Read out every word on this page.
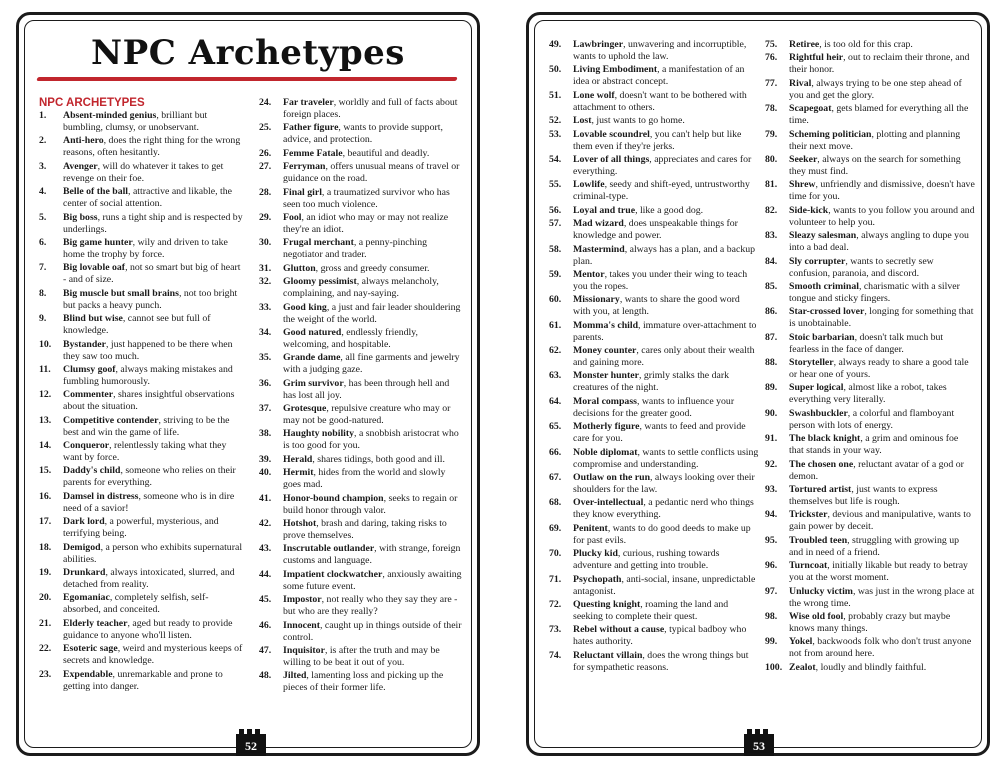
NPC Archetypes
NPC ARCHETYPES
1.	Absent-minded genius, brilliant but bumbling, clumsy, or unobservant.
2.	Anti-hero, does the right thing for the wrong reasons, often hesitantly.
3.	Avenger, will do whatever it takes to get revenge on their foe.
4.	Belle of the ball, attractive and likable, the center of social attention.
5.	Big boss, runs a tight ship and is respected by underlings.
6.	Big game hunter, wily and driven to take home the trophy by force.
7.	Big lovable oaf, not so smart but big of heart - and of size.
8.	Big muscle but small brains, not too bright but packs a heavy punch.
9.	Blind but wise, cannot see but full of knowledge.
10.	Bystander, just happened to be there when they saw too much.
11.	Clumsy goof, always making mistakes and fumbling humorously.
12.	Commenter, shares insightful observations about the situation.
13.	Competitive contender, striving to be the best and win the game of life.
14.	Conqueror, relentlessly taking what they want by force.
15.	Daddy's child, someone who relies on their parents for everything.
16.	Damsel in distress, someone who is in dire need of a savior!
17.	Dark lord, a powerful, mysterious, and terrifying being.
18.	Demigod, a person who exhibits supernatural abilities.
19.	Drunkard, always intoxicated, slurred, and detached from reality.
20.	Egomaniac, completely selfish, self-absorbed, and conceited.
21.	Elderly teacher, aged but ready to provide guidance to anyone who'll listen.
22.	Esoteric sage, weird and mysterious keeps of secrets and knowledge.
23.	Expendable, unremarkable and prone to getting into danger.
24.	Far traveler, worldly and full of facts about foreign places.
25.	Father figure, wants to provide support, advice, and protection.
26.	Femme Fatale, beautiful and deadly.
27.	Ferryman, offers unusual means of travel or guidance on the road.
28.	Final girl, a traumatized survivor who has seen too much violence.
29.	Fool, an idiot who may or may not realize they're an idiot.
30.	Frugal merchant, a penny-pinching negotiator and trader.
31.	Glutton, gross and greedy consumer.
32.	Gloomy pessimist, always melancholy, complaining, and nay-saying.
33.	Good king, a just and fair leader shouldering the weight of the world.
34.	Good natured, endlessly friendly, welcoming, and hospitable.
35.	Grande dame, all fine garments and jewelry with a judging gaze.
36.	Grim survivor, has been through hell and has lost all joy.
37.	Grotesque, repulsive creature who may or may not be good-natured.
38.	Haughty nobility, a snobbish aristocrat who is too good for you.
39.	Herald, shares tidings, both good and ill.
40.	Hermit, hides from the world and slowly goes mad.
41.	Honor-bound champion, seeks to regain or build honor through valor.
42.	Hotshot, brash and daring, taking risks to prove themselves.
43.	Inscrutable outlander, with strange, foreign customs and language.
44.	Impatient clockwatcher, anxiously awaiting some future event.
45.	Impostor, not really who they say they are - but who are they really?
46.	Innocent, caught up in things outside of their control.
47.	Inquisitor, is after the truth and may be willing to be beat it out of you.
48.	Jilted, lamenting loss and picking up the pieces of their former life.
52
49.	Lawbringer, unwavering and incorruptible, wants to uphold the law.
50.	Living Embodiment, a manifestation of an idea or abstract concept.
51.	Lone wolf, doesn't want to be bothered with attachment to others.
52.	Lost, just wants to go home.
53.	Lovable scoundrel, you can't help but like them even if they're jerks.
54.	Lover of all things, appreciates and cares for everything.
55.	Lowlife, seedy and shift-eyed, untrustworthy criminal-type.
56.	Loyal and true, like a good dog.
57.	Mad wizard, does unspeakable things for knowledge and power.
58.	Mastermind, always has a plan, and a backup plan.
59.	Mentor, takes you under their wing to teach you the ropes.
60.	Missionary, wants to share the good word with you, at length.
61.	Momma's child, immature over-attachment to parents.
62.	Money counter, cares only about their wealth and gaining more.
63.	Monster hunter, grimly stalks the dark creatures of the night.
64.	Moral compass, wants to influence your decisions for the greater good.
65.	Motherly figure, wants to feed and provide care for you.
66.	Noble diplomat, wants to settle conflicts using compromise and understanding.
67.	Outlaw on the run, always looking over their shoulders for the law.
68.	Over-intellectual, a pedantic nerd who things they know everything.
69.	Penitent, wants to do good deeds to make up for past evils.
70.	Plucky kid, curious, rushing towards adventure and getting into trouble.
71.	Psychopath, anti-social, insane, unpredictable antagonist.
72.	Questing knight, roaming the land and seeking to complete their quest.
73.	Rebel without a cause, typical badboy who hates authority.
74.	Reluctant villain, does the wrong things but for sympathetic reasons.
75.	Retiree, is too old for this crap.
76.	Rightful heir, out to reclaim their throne, and their honor.
77.	Rival, always trying to be one step ahead of you and get the glory.
78.	Scapegoat, gets blamed for everything all the time.
79.	Scheming politician, plotting and planning their next move.
80.	Seeker, always on the search for something they must find.
81.	Shrew, unfriendly and dismissive, doesn't have time for you.
82.	Side-kick, wants to you follow you around and volunteer to help you.
83.	Sleazy salesman, always angling to dupe you into a bad deal.
84.	Sly corrupter, wants to secretly sew confusion, paranoia, and discord.
85.	Smooth criminal, charismatic with a silver tongue and sticky fingers.
86.	Star-crossed lover, longing for something that is unobtainable.
87.	Stoic barbarian, doesn't talk much but fearless in the face of danger.
88.	Storyteller, always ready to share a good tale or hear one of yours.
89.	Super logical, almost like a robot, takes everything very literally.
90.	Swashbuckler, a colorful and flamboyant person with lots of energy.
91.	The black knight, a grim and ominous foe that stands in your way.
92.	The chosen one, reluctant avatar of a god or demon.
93.	Tortured artist, just wants to express themselves but life is rough.
94.	Trickster, devious and manipulative, wants to gain power by deceit.
95.	Troubled teen, struggling with growing up and in need of a friend.
96.	Turncoat, initially likable but ready to betray you at the worst moment.
97.	Unlucky victim, was just in the wrong place at the wrong time.
98.	Wise old fool, probably crazy but maybe knows many things.
99.	Yokel, backwoods folk who don't trust anyone not from around here.
100. Zealot, loudly and blindly faithful.
53
